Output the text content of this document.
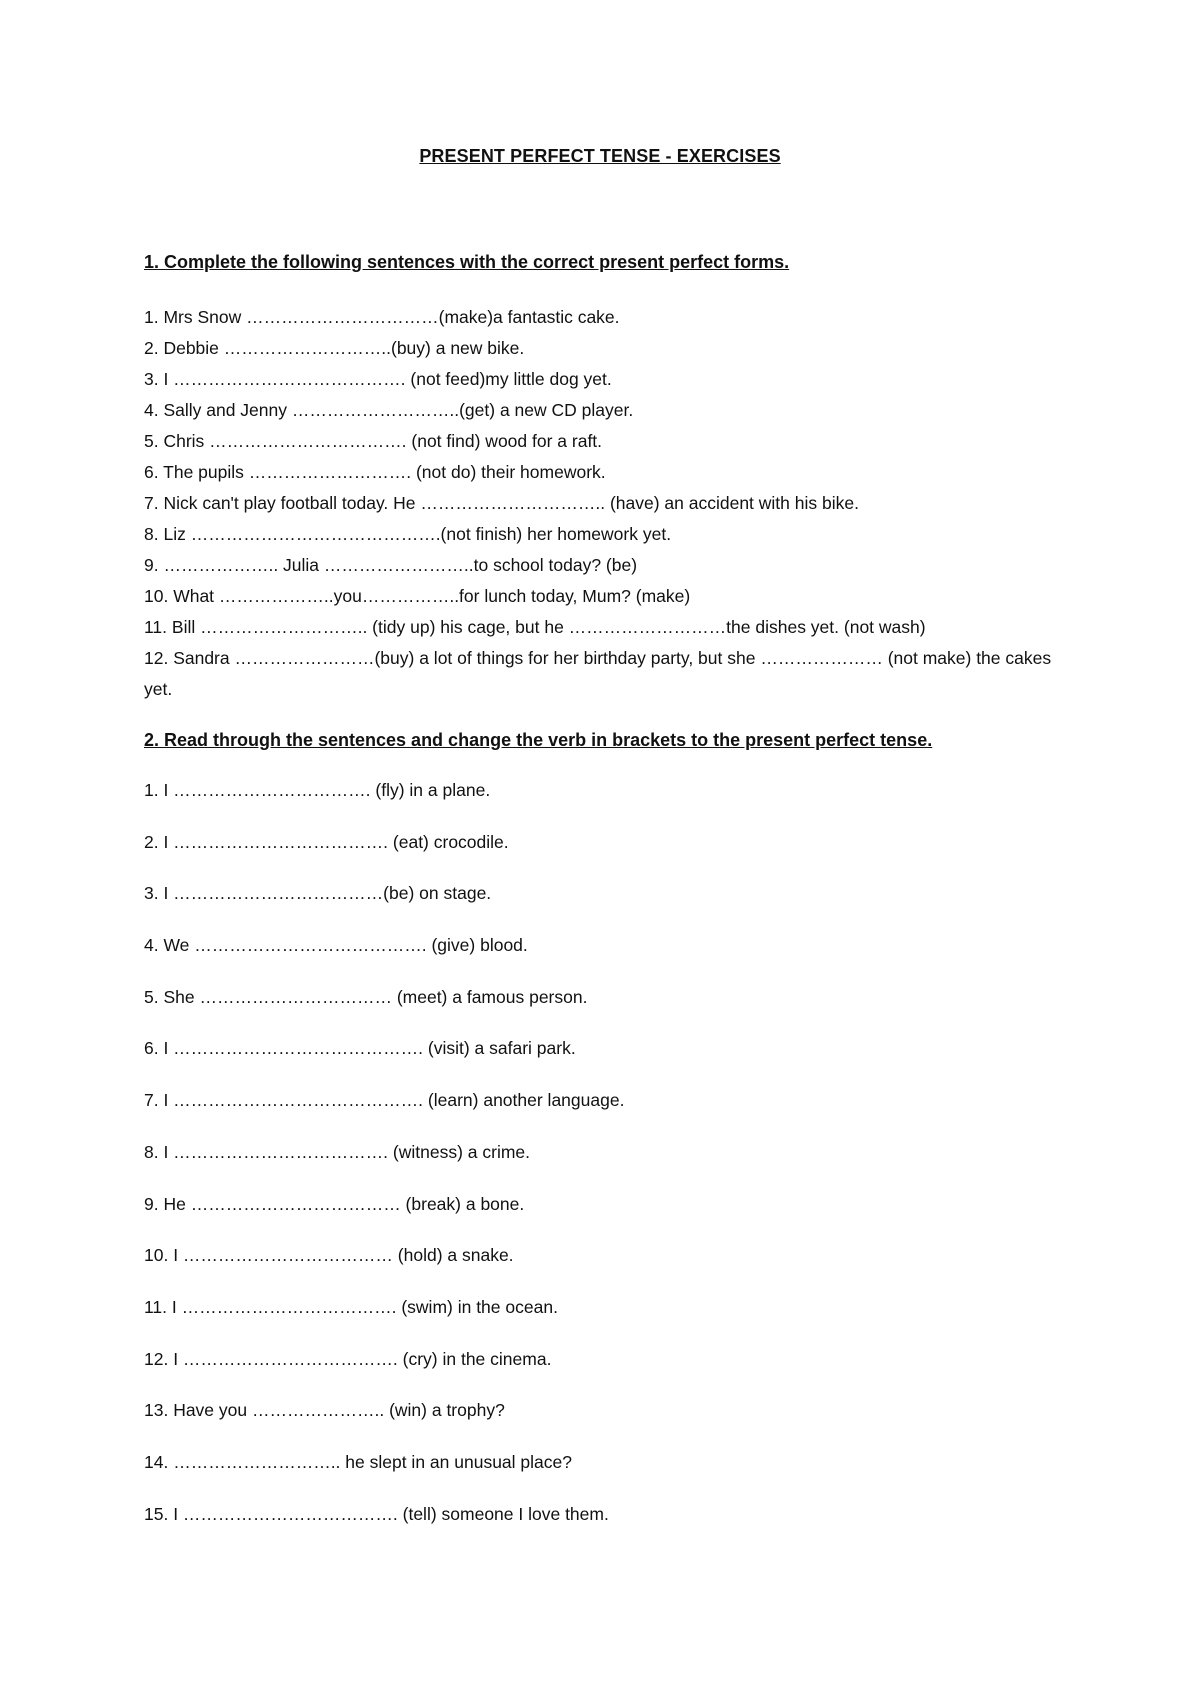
PRESENT PERFECT TENSE - EXERCISES
1. Complete the following sentences with the correct present perfect forms.
1. Mrs Snow ……………………………(make)a fantastic cake.
2. Debbie ………………………..(buy) a new bike.
3. I …………………………………. (not feed)my little dog yet.
4. Sally and Jenny ………………………..(get) a new CD player.
5. Chris ……………………………. (not find) wood for a raft.
6. The pupils ………………………. (not do) their homework.
7. Nick can't play football today. He ………………………….. (have) an accident with his bike.
8. Liz …………………………………….(not finish) her homework yet.
9. ……………….. Julia ……………………..to school today? (be)
10. What ………………..you……………..for lunch today, Mum? (make)
11. Bill ……………………….. (tidy up) his cage, but he ………………………the dishes yet. (not wash)
12. Sandra ……………………(buy) a lot of things for her birthday party, but she ………………… (not make) the cakes yet.
2. Read through the sentences and change the verb in brackets to the present perfect tense.
1. I ……………………………. (fly) in a plane.
2. I ………………………………. (eat) crocodile.
3. I ………………………………(be) on stage.
4. We …………………………………. (give) blood.
5. She …………………………… (meet) a famous person.
6. I ……………………………………. (visit) a safari park.
7. I ……………………………………. (learn) another language.
8. I ………………………………. (witness) a crime.
9. He ……………………………… (break) a bone.
10. I ……………………………… (hold) a snake.
11. I ………………………………. (swim) in the ocean.
12. I ………………………………. (cry) in the cinema.
13. Have you ………………….. (win) a trophy?
14. ……………………….. he slept in an unusual place?
15. I ………………………………. (tell) someone I love them.
